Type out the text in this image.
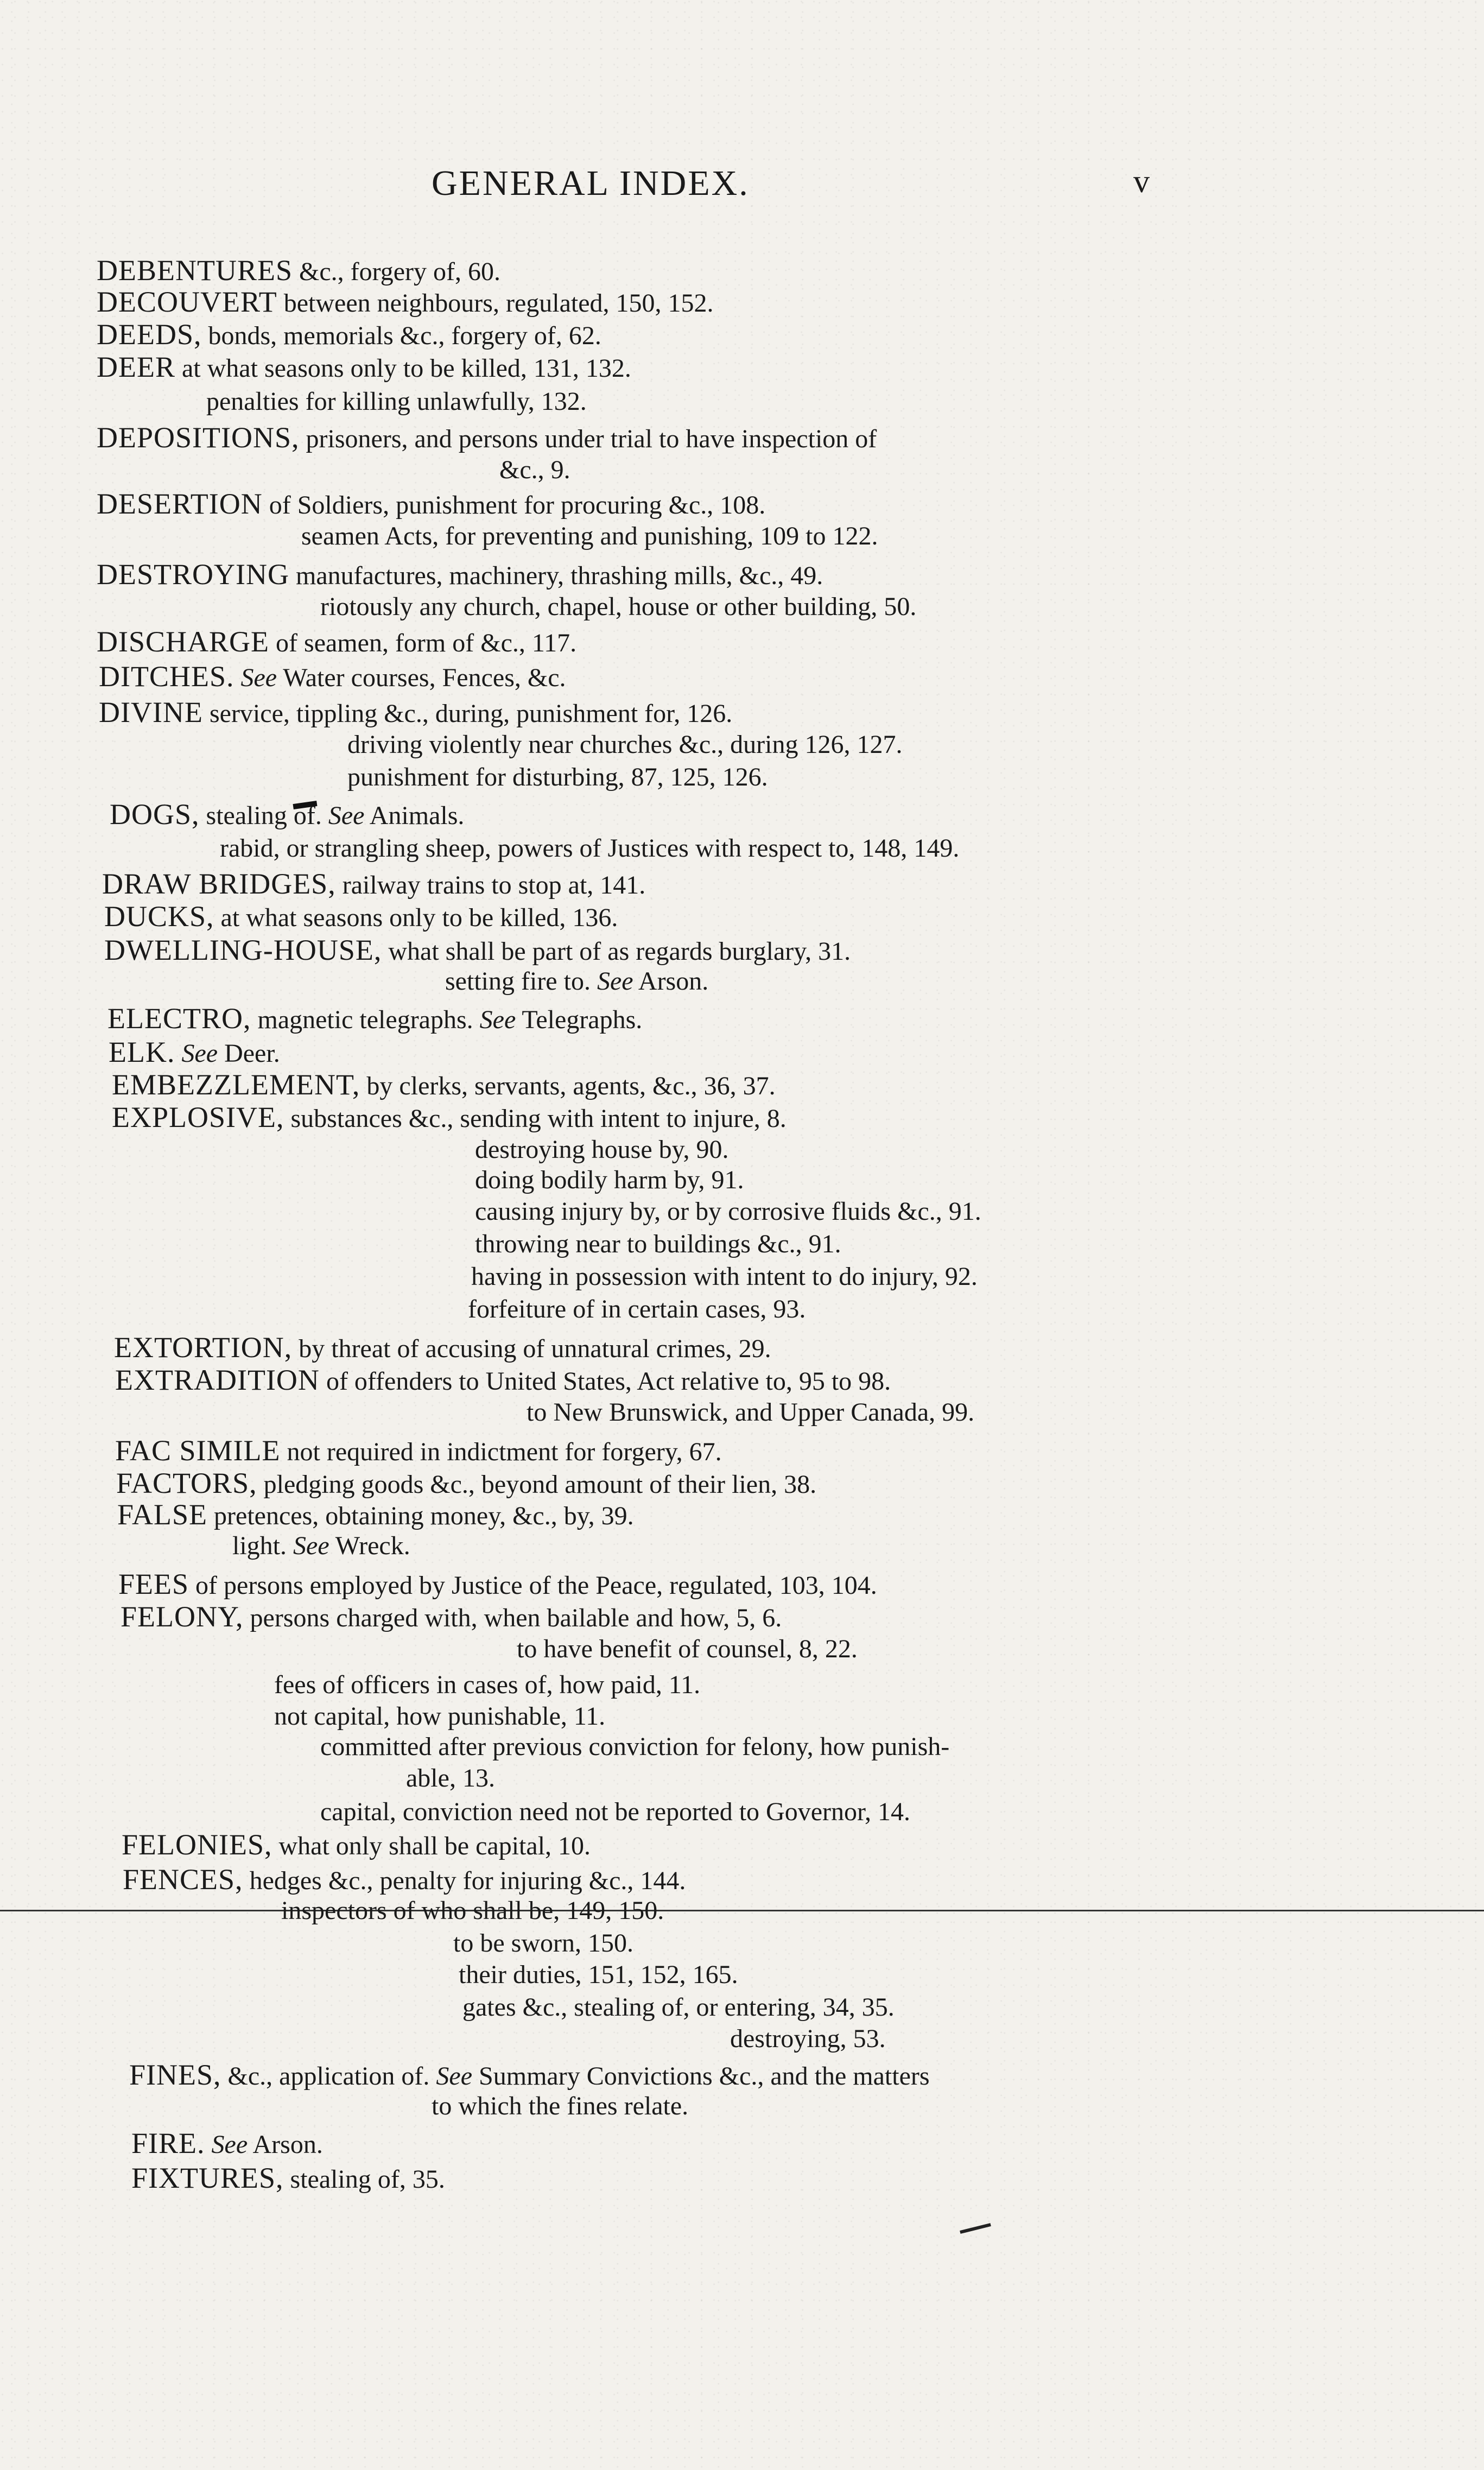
GENERAL INDEX.	v
DEBENTURES &c., forgery of, 60.
DECOUVERT between neighbours, regulated, 150, 152.
DEEDS, bonds, memorials &c., forgery of, 62.
DEER at what seasons only to be killed, 131, 132.
penalties for killing unlawfully, 132.
DEPOSITIONS, prisoners, and persons under trial to have inspection of
&c., 9.
DESERTION of Soldiers, punishment for procuring &c., 108.
seamen Acts, for preventing and punishing, 109 to 122.
DESTROYING manufactures, machinery, thrashing mills, &c., 49.
riotously any church, chapel, house or other building, 50.
DISCHARGE of seamen, form of &c., 117.
DITCHES. See Water courses, Fences, &c.
DIVINE service, tippling &c., during, punishment for, 126.
driving violently near churches &c., during 126, 127.
punishment for disturbing, 87, 125, 126.
DOGS, stealing of. See Animals.
rabid, or strangling sheep, powers of Justices with respect to, 148, 149.
DRAW BRIDGES, railway trains to stop at, 141.
DUCKS, at what seasons only to be killed, 136.
DWELLING-HOUSE, what shall be part of as regards burglary, 31.
setting fire to. See Arson.
ELECTRO, magnetic telegraphs. See Telegraphs.
ELK. See Deer.
EMBEZZLEMENT, by clerks, servants, agents, &c., 36, 37.
EXPLOSIVE, substances &c., sending with intent to injure, 8.
destroying house by, 90.
doing bodily harm by, 91.
causing injury by, or by corrosive fluids &c., 91.
throwing near to buildings &c., 91.
having in possession with intent to do injury, 92.
forfeiture of in certain cases, 93.
EXTORTION, by threat of accusing of unnatural crimes, 29.
EXTRADITION of offenders to United States, Act relative to, 95 to 98.
to New Brunswick, and Upper Canada, 99.
FAC SIMILE not required in indictment for forgery, 67.
FACTORS, pledging goods &c., beyond amount of their lien, 38.
FALSE pretences, obtaining money, &c., by, 39.
light. See Wreck.
FEES of persons employed by Justice of the Peace, regulated, 103, 104.
FELONY, persons charged with, when bailable and how, 5, 6.
to have benefit of counsel, 8, 22.
fees of officers in cases of, how paid, 11.
not capital, how punishable, 11.
committed after previous conviction for felony, how punish-
able, 13.
capital, conviction need not be reported to Governor, 14.
FELONIES, what only shall be capital, 10.
FENCES, hedges &c., penalty for injuring &c., 144.
inspectors of who shall be, 149, 150.
to be sworn, 150.
their duties, 151, 152, 165.
gates &c., stealing of, or entering, 34, 35.
destroying, 53.
FINES, &c., application of. See Summary Convictions &c., and the matters
to which the fines relate.
FIRE. See Arson.
FIXTURES, stealing of, 35.
